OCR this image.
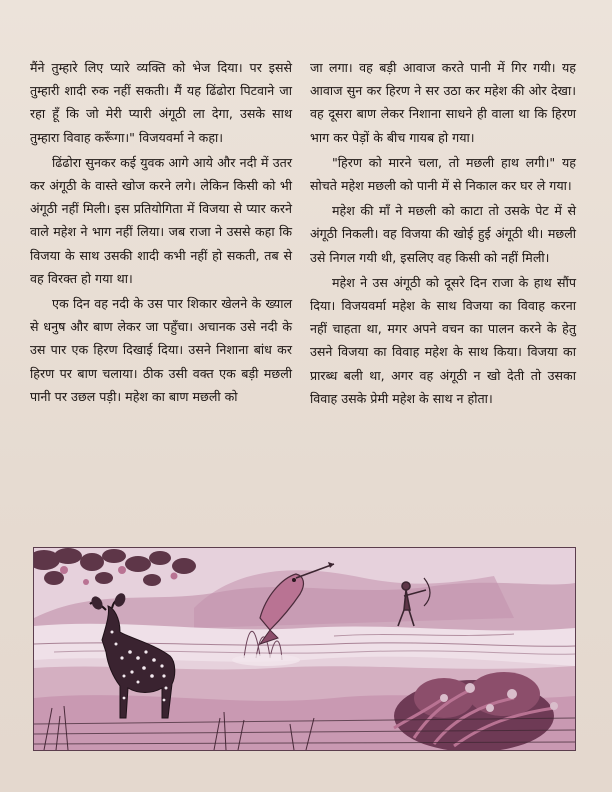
मैंने तुम्हारे लिए प्यारे व्यक्ति को भेज दिया। पर इससे तुम्हारी शादी रुक नहीं सकती। मैं यह ढिंढोरा पिटवाने जा रहा हूँ कि जो मेरी प्यारी अंगूठी ला देगा, उसके साथ तुम्हारा विवाह करूँगा।" विजयवर्मा ने कहा।

ढिंढोरा सुनकर कई युवक आगे आये और नदी में उतर कर अंगूठी के वास्ते खोज करने लगे। लेकिन किसी को भी अंगूठी नहीं मिली। इस प्रतियोगिता में विजया से प्यार करने वाले महेश ने भाग नहीं लिया। जब राजा ने उससे कहा कि विजया के साथ उसकी शादी कभी नहीं हो सकती, तब से वह विरक्त हो गया था।

एक दिन वह नदी के उस पार शिकार खेलने के ख्याल से धनुष और बाण लेकर जा पहुँचा। अचानक उसे नदी के उस पार एक हिरण दिखाई दिया। उसने निशाना बांध कर हिरण पर बाण चलाया। ठीक उसी वक्त एक बड़ी मछली पानी पर उछल पड़ी। महेश का बाण मछली को

जा लगा। वह बड़ी आवाज करते पानी में गिर गयी। यह आवाज सुन कर हिरण ने सर उठा कर महेश की ओर देखा। वह दूसरा बाण लेकर निशाना साधने ही वाला था कि हिरण भाग कर पेड़ों के बीच गायब हो गया।

"हिरण को मारने चला, तो मछली हाथ लगी।" यह सोचते महेश मछली को पानी में से निकाल कर घर ले गया।

महेश की माँ ने मछली को काटा तो उसके पेट में से अंगूठी निकली। वह विजया की खोई हुई अंगूठी थी। मछली उसे निगल गयी थी, इसलिए वह किसी को नहीं मिली।

महेश ने उस अंगूठी को दूसरे दिन राजा के हाथ सौंप दिया। विजयवर्मा महेश के साथ विजया का विवाह करना नहीं चाहता था, मगर अपने वचन का पालन करने के हेतु उसने विजया का विवाह महेश के साथ किया। विजया का प्रारब्ध बली था, अगर वह अंगूठी न खो देती तो उसका विवाह उसके प्रेमी महेश के साथ न होता।
